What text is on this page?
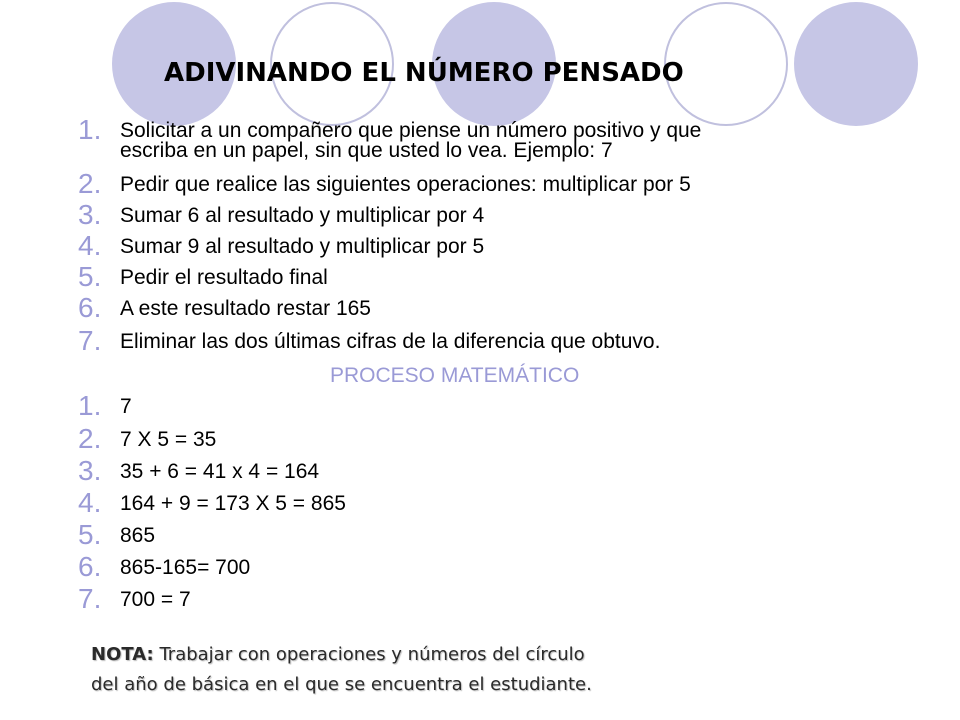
ADIVINANDO EL NÚMERO PENSADO
1. Solicitar a un compañero que piense un número positivo y que
escriba en un papel, sin que usted lo vea. Ejemplo: 7
2. Pedir que realice las siguientes operaciones: multiplicar por 5
3. Sumar 6 al resultado y multiplicar por 4
4. Sumar 9 al resultado y multiplicar por 5
5. Pedir el resultado final
6. A este resultado restar 165
7. Eliminar las dos últimas cifras de la diferencia que obtuvo.
PROCESO MATEMÁTICO
1. 7
2. 7 X 5 = 35
3. 35 + 6 = 41 x 4 = 164
4. 164 + 9 = 173 X 5 = 865
5. 865
6. 865-165= 700
7. 700 = 7
NOTA: Trabajar con operaciones y números del círculo
del año de básica en el que se encuentra el estudiante.
